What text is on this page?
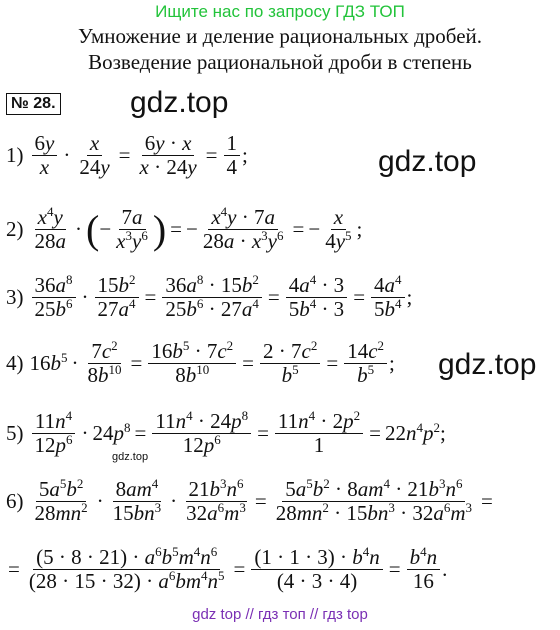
Ищите нас по запросу ГДЗ ТОП
Умножение и деление рациональных дробей.
Возведение рациональной дроби в степень
№ 28. gdz.top
gdz.top
gdz.top
gdz.top
$1) \frac{6y}{x} \cdot \frac{x}{24y} = \frac{6y \cdot x}{x \cdot 24y} = \frac{1}{4}$ ;
$2) \frac{x^4y}{28a}$ · ( − $\frac{7a}{x^3y^6}$ ) = − $\frac{x^4y \cdot 7a}{28a \cdot x^3y^6}$ = − $\frac{x}{4y^5}$ ;
$3) \frac{36a^8}{25b^6} \cdot \frac{15b^2}{27a^4} = \frac{36a^8 \cdot 15b^2}{25b^6 \cdot 27a^4} = \frac{4a^4 \cdot 3}{5b^4 \cdot 3} = \frac{4a^4}{5b^4}$ ;
4) $16b^5 \cdot \frac{7c^2}{8b^{10}} = \frac{16b^5 \cdot 7c^2}{8b^{10}} = \frac{2 \cdot 7c^2}{b^5} = \frac{14c^2}{b^5}$ ;
$5) \frac{11n^4}{12p^6} \cdot 24p^8 = \frac{11n^4 \cdot 24p^8}{12p^6} = \frac{11n^4 \cdot 2p^2}{1} = 22n^4p^2$;
$6) \frac{5a^5b^2}{28mn^2} \cdot \frac{8am^4}{15bn^3} \cdot \frac{21b^3n^6}{32a^6m^3} = \frac{5a^5b^2 \cdot 8am^4 \cdot 21b^3n^6}{28mn^2 \cdot 15bn^3 \cdot 32a^6m^3}$ =
= $\frac{(5 \cdot 8 \cdot 21) \cdot a^6b^5m^4n^6}{(28 \cdot 15 \cdot 32) \cdot a^6bm^4n^5} = \frac{(1 \cdot 1 \cdot 3) \cdot b^4n}{(4 \cdot 3 \cdot 4)} = \frac{b^4n}{16}$ .
gdz top // гдз топ // гдз top
